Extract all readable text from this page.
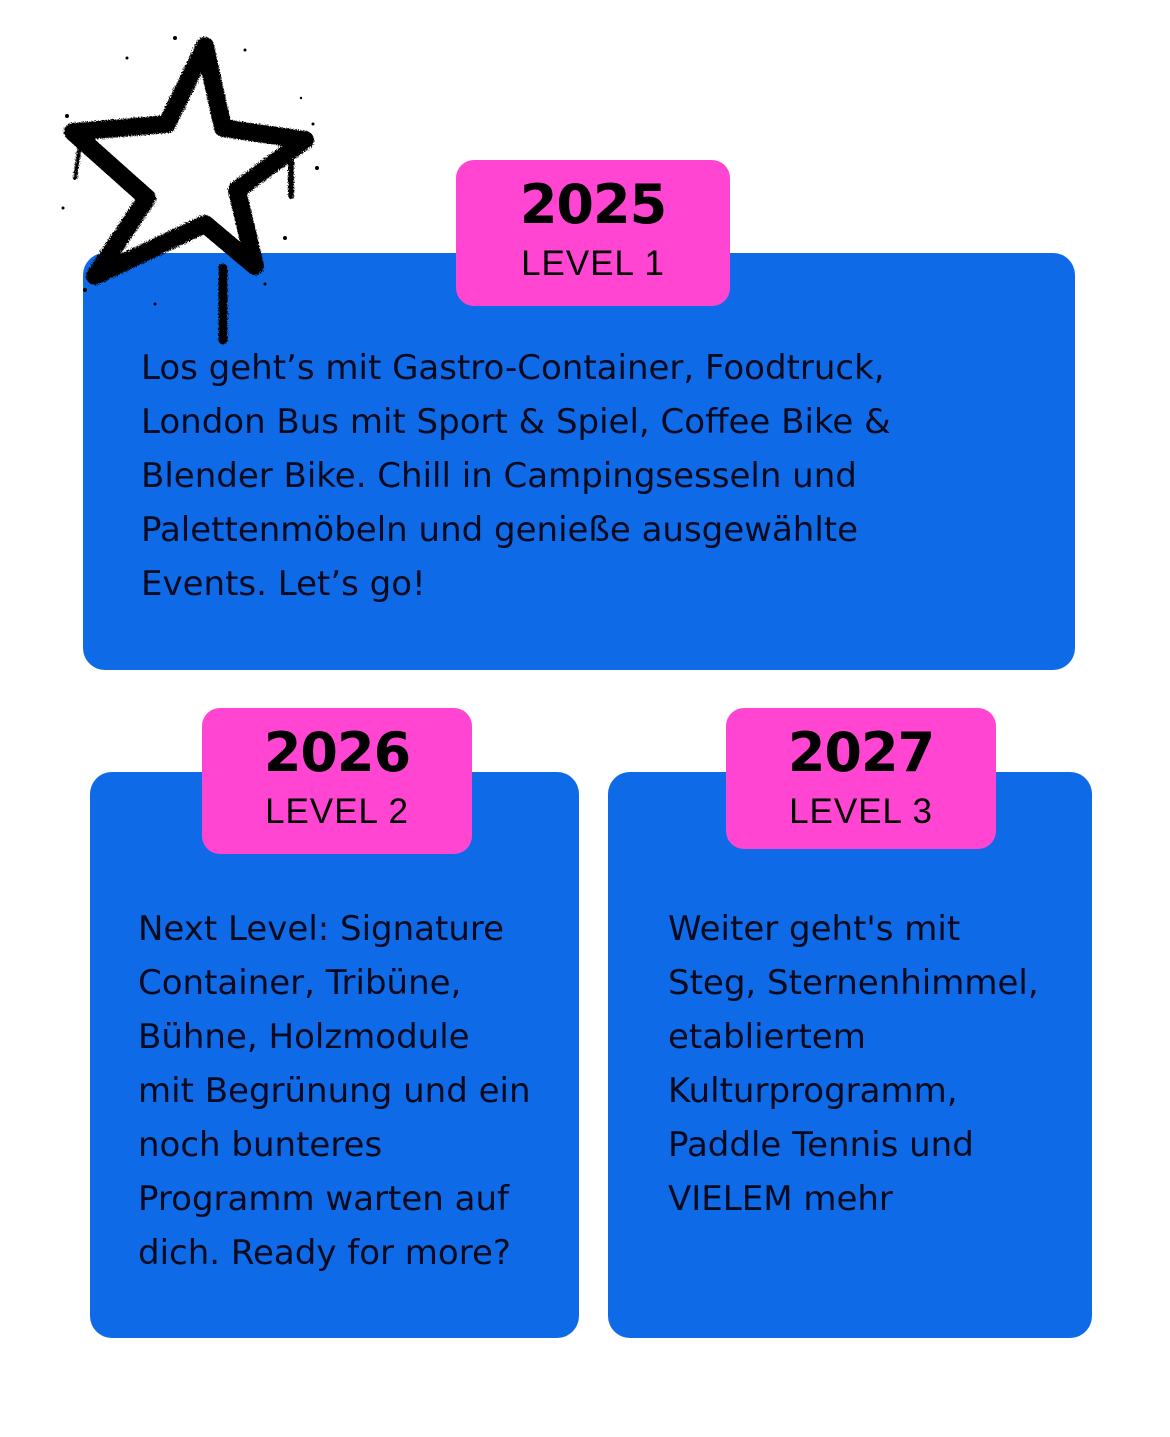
Los geht’s mit Gastro-Container, Foodtruck,
London Bus mit Sport & Spiel, Coffee Bike &
Blender Bike. Chill in Campingsesseln und
Palettenmöbeln und genieße ausgewählte
Events. Let’s go!

2025
LEVEL 1

Next Level: Signature
Container, Tribüne,
Bühne, Holzmodule
mit Begrünung und ein
noch bunteres
Programm warten auf
dich. Ready for more?

2026
LEVEL 2

Weiter geht's mit
Steg, Sternenhimmel,
etabliertem
Kulturprogramm,
Paddle Tennis und
VIELEM mehr

2027
LEVEL 3
